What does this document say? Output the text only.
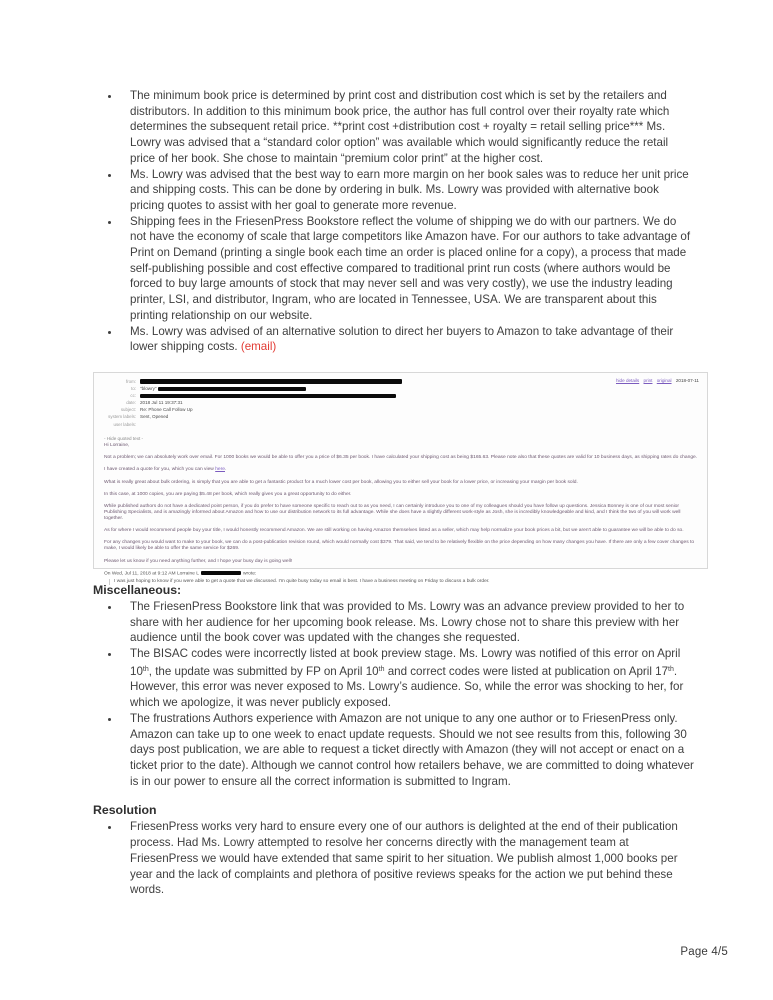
• The minimum book price is determined by print cost and distribution cost which is set by the retailers and distributors. In addition to this minimum book price, the author has full control over their royalty rate which determines the subsequent retail price. **print cost +distribution cost + royalty = retail selling price*** Ms. Lowry was advised that a “standard color option” was available which would significantly reduce the retail price of her book. She chose to maintain “premium color print” at the higher cost.
• Ms. Lowry was advised that the best way to earn more margin on her book sales was to reduce her unit price and shipping costs. This can be done by ordering in bulk. Ms. Lowry was provided with alternative book pricing quotes to assist with her goal to generate more revenue.
• Shipping fees in the FriesenPress Bookstore reflect the volume of shipping we do with our partners. We do not have the economy of scale that large competitors like Amazon have. For our authors to take advantage of Print on Demand (printing a single book each time an order is placed online for a copy), a process that made self-publishing possible and cost effective compared to traditional print run costs (where authors would be forced to buy large amounts of stock that may never sell and was very costly), we use the industry leading printer, LSI, and distributor, Ingram, who are located in Tennessee, USA. We are transparent about this printing relationship on our website.
• Ms. Lowry was advised of an alternative solution to direct her buyers to Amazon to take advantage of their lower shipping costs. (email)
hide details print original 2018-07-11
from:
to: "blowry"
cc:
date: 2018 Jul 11 19:37:31
subject: Re: Phone Call Follow Up
system labels: Sent, Opened
user labels:
- Hide quoted text -

Hi Lorraine,

Not a problem; we can absolutely work over email. For 1000 books we would be able to offer you a price of $6.35 per book. I have calculated your shipping cost as being $165.63. Please note also that these quotes are valid for 10 business days, as shipping rates do change.

I have created a quote for you, which you can view here.

What is really great about bulk ordering, is simply that you are able to get a fantastic product for a much lower cost per book, allowing you to either sell your book for a lower price, or increasing your margin per book sold.

In this case, at 1000 copies, you are paying $5.48 per book, which really gives you a great opportunity to do either.

While published authors do not have a dedicated point person, if you do prefer to have someone specific to reach out to as you need, I can certainly introduce you to one of my colleagues should you have follow up questions. Jessica Bonney is one of our most senior Publishing Specialists, and is amazingly informed about Amazon and how to use our distribution network to its full advantage. While she does have a slightly different work-style as Josh, she is incredibly knowledgeable and kind, and I think the two of you will work well together.

As for where I would recommend people buy your title, I would honestly recommend Amazon. We are still working on having Amazon themselves listed as a seller, which may help normalize your book prices a bit, but we aren't able to guarantee we will be able to do so.

For any changes you would want to make to your book, we can do a post-publication revision round, which would normally cost $379. That said, we tend to be relatively flexible on the price depending on how many changes you have. If there are only a few cover changes to make, I would likely be able to offer the same service for $269.

Please let us know if you need anything further, and I hope your busy day is going well!

On Wed, Jul 11, 2018 at 9:12 AM Lorraine L	wrote:
I was just hoping to know if you were able to get a quote that we discussed. I'm quite busy today so email is best. I have a business meeting on Friday to discuss a bulk order.
Miscellaneous:
• The FriesenPress Bookstore link that was provided to Ms. Lowry was an advance preview provided to her to share with her audience for her upcoming book release. Ms. Lowry chose not to share this preview with her audience until the book cover was updated with the changes she requested.
• The BISAC codes were incorrectly listed at book preview stage. Ms. Lowry was notified of this error on April 10th, the update was submitted by FP on April 10th and correct codes were listed at publication on April 17th. However, this error was never exposed to Ms. Lowry’s audience. So, while the error was shocking to her, for which we apologize, it was never publicly exposed.
• The frustrations Authors experience with Amazon are not unique to any one author or to FriesenPress only. Amazon can take up to one week to enact update requests. Should we not see results from this, following 30 days post publication, we are able to request a ticket directly with Amazon (they will not accept or enact on a ticket prior to the date). Although we cannot control how retailers behave, we are committed to doing whatever is in our power to ensure all the correct information is submitted to Ingram.
Resolution
• FriesenPress works very hard to ensure every one of our authors is delighted at the end of their publication process. Had Ms. Lowry attempted to resolve her concerns directly with the management team at FriesenPress we would have extended that same spirit to her situation. We publish almost 1,000 books per year and the lack of complaints and plethora of positive reviews speaks for the action we put behind these words.
Page 4/5
